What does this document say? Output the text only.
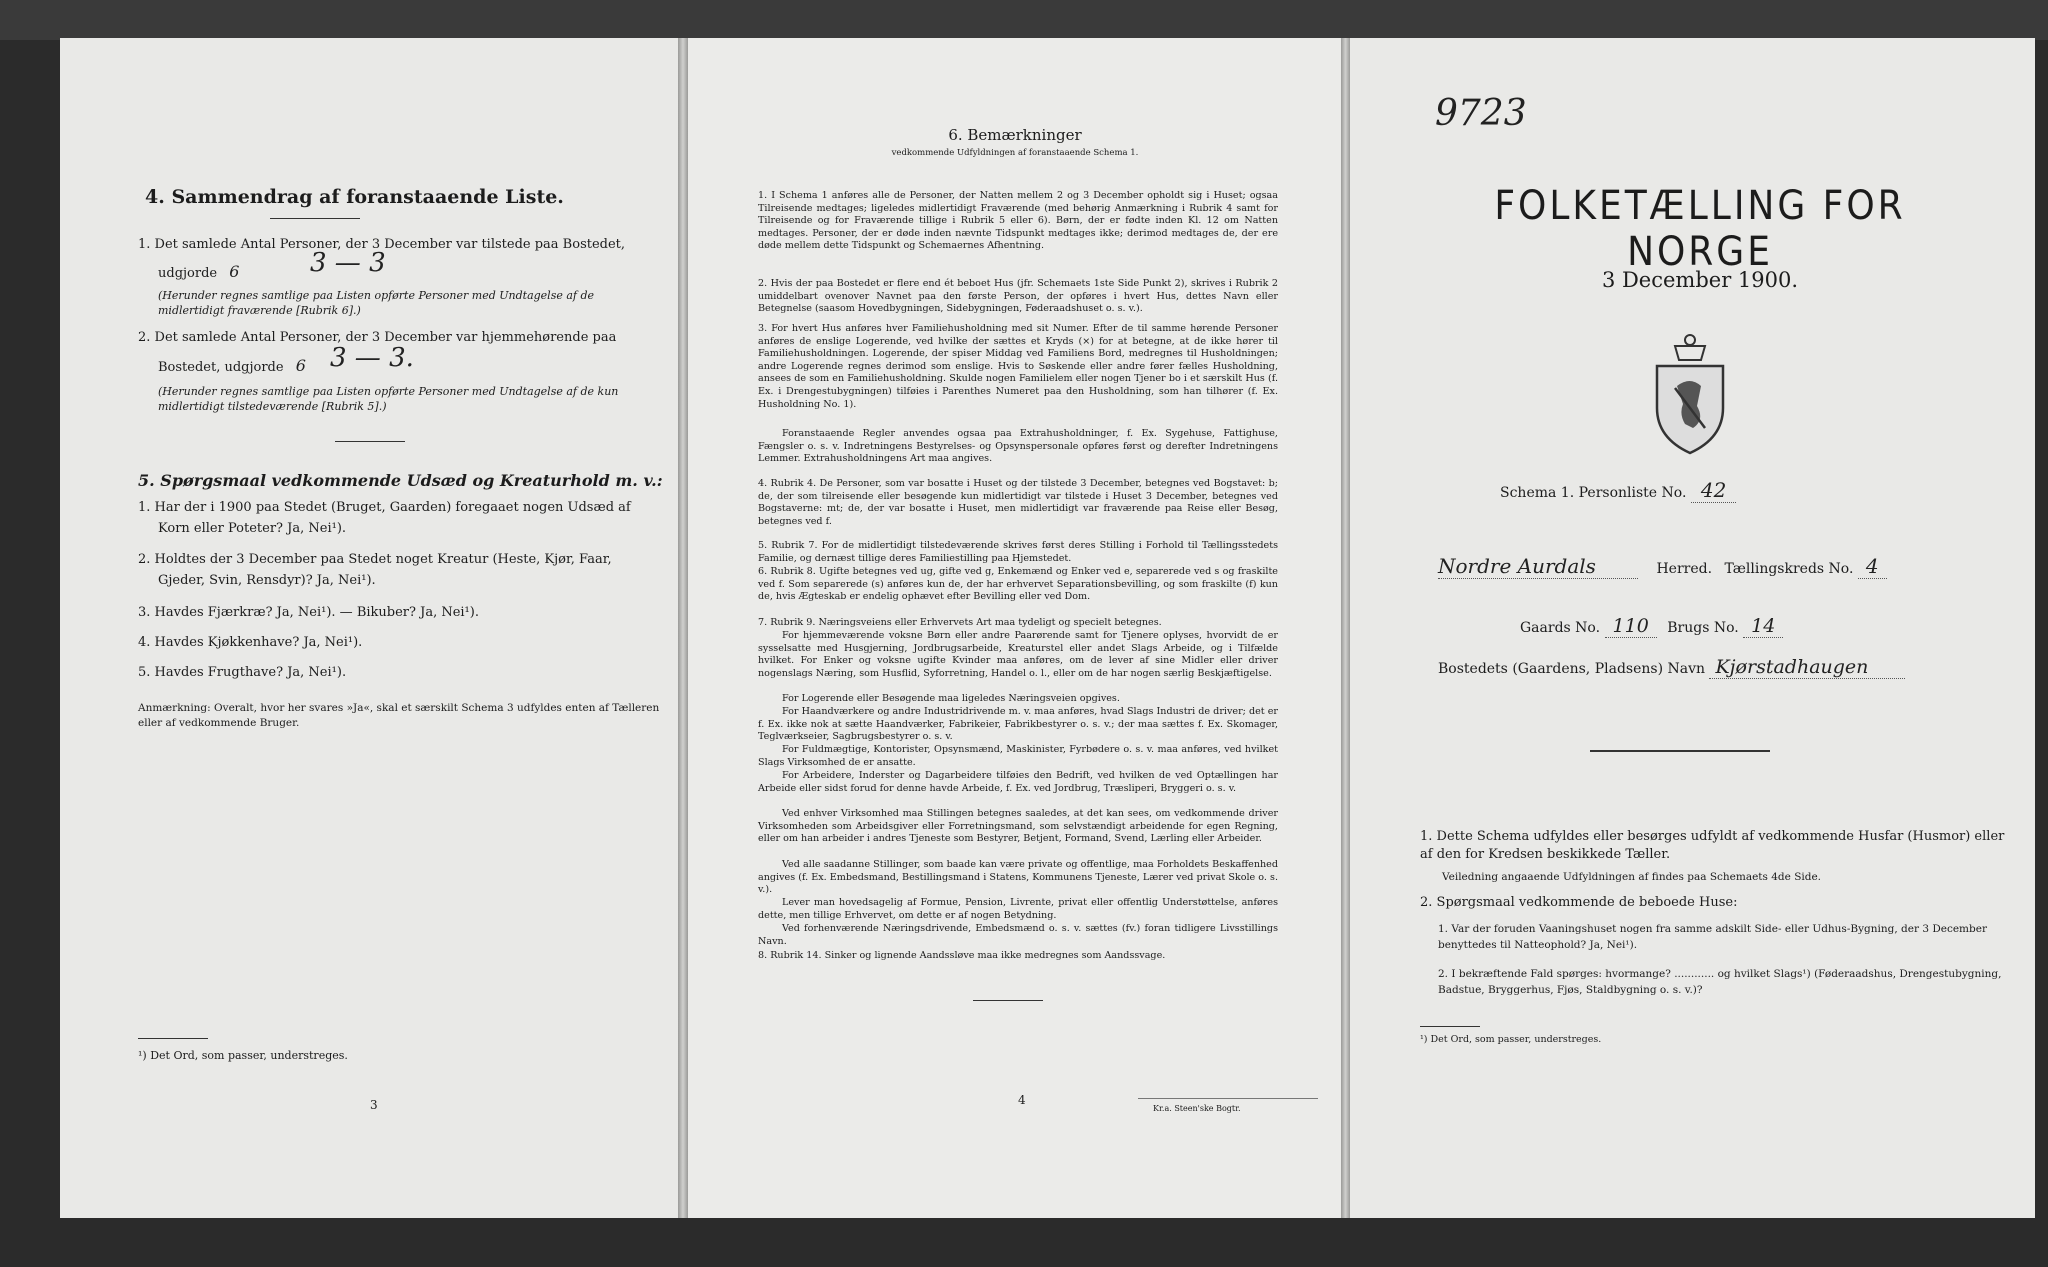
4. Sammendrag af foranstaaende Liste.
1. Det samlede Antal Personer, der 3 December var tilstede paa Bostedet,
udgjorde 6	3 — 3
(Herunder regnes samtlige paa Listen opførte Personer med Undtagelse af de midlertidigt fraværende [Rubrik 6].)
2. Det samlede Antal Personer, der 3 December var hjemmehørende paa
Bostedet, udgjorde 6 3 — 3.
(Herunder regnes samtlige paa Listen opførte Personer med Undtagelse af de kun midlertidigt tilstedeværende [Rubrik 5].)
5. Spørgsmaal vedkommende Udsæd og Kreaturhold m. v.:
1. Har der i 1900 paa Stedet (Bruget, Gaarden) foregaaet nogen Udsæd af
Korn eller Poteter? Ja, Nei¹).
2. Holdtes der 3 December paa Stedet noget Kreatur (Heste, Kjør, Faar,
Gjeder, Svin, Rensdyr)? Ja, Nei¹).
3. Havdes Fjærkræ? Ja, Nei¹). — Bikuber? Ja, Nei¹).
4. Havdes Kjøkkenhave? Ja, Nei¹).
5. Havdes Frugthave? Ja, Nei¹).
Anmærkning: Overalt, hvor her svares »Ja«, skal et særskilt Schema 3 udfyldes enten af Tælleren eller af vedkommende Bruger.
¹) Det Ord, som passer, understreges.
3
6. Bemærkninger
vedkommende Udfyldningen af foranstaaende Schema 1.
1. I Schema 1 anføres alle de Personer, der Natten mellem 2 og 3 December opholdt sig i Huset; ogsaa Tilreisende medtages; ligeledes midlertidigt Fraværende (med behørig Anmærkning i Rubrik 4 samt for Tilreisende og for Fraværende tillige i Rubrik 5 eller 6). Børn, der er fødte inden Kl. 12 om Natten medtages. Personer, der er døde inden nævnte Tidspunkt medtages ikke; derimod medtages de, der ere døde mellem dette Tidspunkt og Schemaernes Afhentning.
2. Hvis der paa Bostedet er flere end ét beboet Hus (jfr. Schemaets 1ste Side Punkt 2), skrives i Rubrik 2 umiddelbart ovenover Navnet paa den første Person, der opføres i hvert Hus, dettes Navn eller Betegnelse (saasom Hovedbygningen, Sidebygningen, Føderaadshuset o. s. v.).
3. For hvert Hus anføres hver Familiehusholdning med sit Numer. Efter de til samme hørende Personer anføres de enslige Logerende, ved hvilke der sættes et Kryds (×) for at betegne, at de ikke hører til Familiehusholdningen. Logerende, der spiser Middag ved Familiens Bord, medregnes til Husholdningen; andre Logerende regnes derimod som enslige. Hvis to Søskende eller andre fører fælles Husholdning, ansees de som en Familiehusholdning. Skulde nogen Familielem eller nogen Tjener bo i et særskilt Hus (f. Ex. i Drengestubygningen) tilføies i Parenthes Numeret paa den Husholdning, som han tilhører (f. Ex. Husholdning No. 1).
Foranstaaende Regler anvendes ogsaa paa Extrahusholdninger, f. Ex. Sygehuse, Fattighuse, Fængsler o. s. v. Indretningens Bestyrelses- og Opsynspersonale opføres først og derefter Indretningens Lemmer. Extrahusholdningens Art maa angives.
4. Rubrik 4. De Personer, som var bosatte i Huset og der tilstede 3 December, betegnes ved Bogstavet: b; de, der som tilreisende eller besøgende kun midlertidigt var tilstede i Huset 3 December, betegnes ved Bogstaverne: mt; de, der var bosatte i Huset, men midlertidigt var fraværende paa Reise eller Besøg, betegnes ved f.
5. Rubrik 7. For de midlertidigt tilstedeværende skrives først deres Stilling i Forhold til Tællingsstedets Familie, og dernæst tillige deres Familiestilling paa Hjemstedet.
6. Rubrik 8. Ugifte betegnes ved ug, gifte ved g, Enkemænd og Enker ved e, separerede ved s og fraskilte ved f. Som separerede (s) anføres kun de, der har erhvervet Separationsbevilling, og som fraskilte (f) kun de, hvis Ægteskab er endelig ophævet efter Bevilling eller ved Dom.
7. Rubrik 9. Næringsveiens eller Erhvervets Art maa tydeligt og specielt betegnes.
For hjemmeværende voksne Børn eller andre Paarørende samt for Tjenere oplyses, hvorvidt de er sysselsatte med Husgjerning, Jordbrugsarbeide, Kreaturstel eller andet Slags Arbeide, og i Tilfælde hvilket. For Enker og voksne ugifte Kvinder maa anføres, om de lever af sine Midler eller driver nogenslags Næring, som Husflid, Syforretning, Handel o. l., eller om de har nogen særlig Beskjæftigelse.
For Logerende eller Besøgende maa ligeledes Næringsveien opgives.
For Haandværkere og andre Industridrivende m. v. maa anføres, hvad Slags Industri de driver; det er f. Ex. ikke nok at sætte Haandværker, Fabrikeier, Fabrikbestyrer o. s. v.; der maa sættes f. Ex. Skomager, Teglværkseier, Sagbrugsbestyrer o. s. v.
For Fuldmægtige, Kontorister, Opsynsmænd, Maskinister, Fyrbødere o. s. v. maa anføres, ved hvilket Slags Virksomhed de er ansatte.
For Arbeidere, Inderster og Dagarbeidere tilføies den Bedrift, ved hvilken de ved Optællingen har Arbeide eller sidst forud for denne havde Arbeide, f. Ex. ved Jordbrug, Træsliperi, Bryggeri o. s. v.
Ved enhver Virksomhed maa Stillingen betegnes saaledes, at det kan sees, om vedkommende driver Virksomheden som Arbeidsgiver eller Forretningsmand, som selvstændigt arbeidende for egen Regning, eller om han arbeider i andres Tjeneste som Bestyrer, Betjent, Formand, Svend, Lærling eller Arbeider.
Ved alle saadanne Stillinger, som baade kan være private og offentlige, maa Forholdets Beskaffenhed angives (f. Ex. Embedsmand, Bestillingsmand i Statens, Kommunens Tjeneste, Lærer ved privat Skole o. s. v.).
Lever man hovedsagelig af Formue, Pension, Livrente, privat eller offentlig Understøttelse, anføres dette, men tillige Erhvervet, om dette er af nogen Betydning.
Ved forhenværende Næringsdrivende, Embedsmænd o. s. v. sættes (fv.) foran tidligere Livsstillings Navn.
8. Rubrik 14. Sinker og lignende Aandssløve maa ikke medregnes som Aandssvage.
4
Kr.a. Steen'ske Bogtr.
9723
FOLKETÆLLING FOR NORGE
3 December 1900.
Schema 1. Personliste No. 42
Nordre Aurdals	Herred. Tællingskreds No. 4
Gaards No. 110 Brugs No. 14
Bostedets (Gaardens, Pladsens) Navn Kjørstadhaugen
1. Dette Schema udfyldes eller besørges udfyldt af vedkommende Husfar (Husmor) eller af den for Kredsen beskikkede Tæller.
Veiledning angaaende Udfyldningen af findes paa Schemaets 4de Side.
2. Spørgsmaal vedkommende de beboede Huse:
1. Var der foruden Vaaningshuset nogen fra samme adskilt Side- eller Udhus-Bygning, der 3 December benyttedes til Natteophold? Ja, Nei¹).
2. I bekræftende Fald spørges: hvormange? ............ og hvilket Slags¹) (Føderaadshus, Drengestubygning, Badstue, Bryggerhus, Fjøs, Staldbygning o. s. v.)?
¹) Det Ord, som passer, understreges.
